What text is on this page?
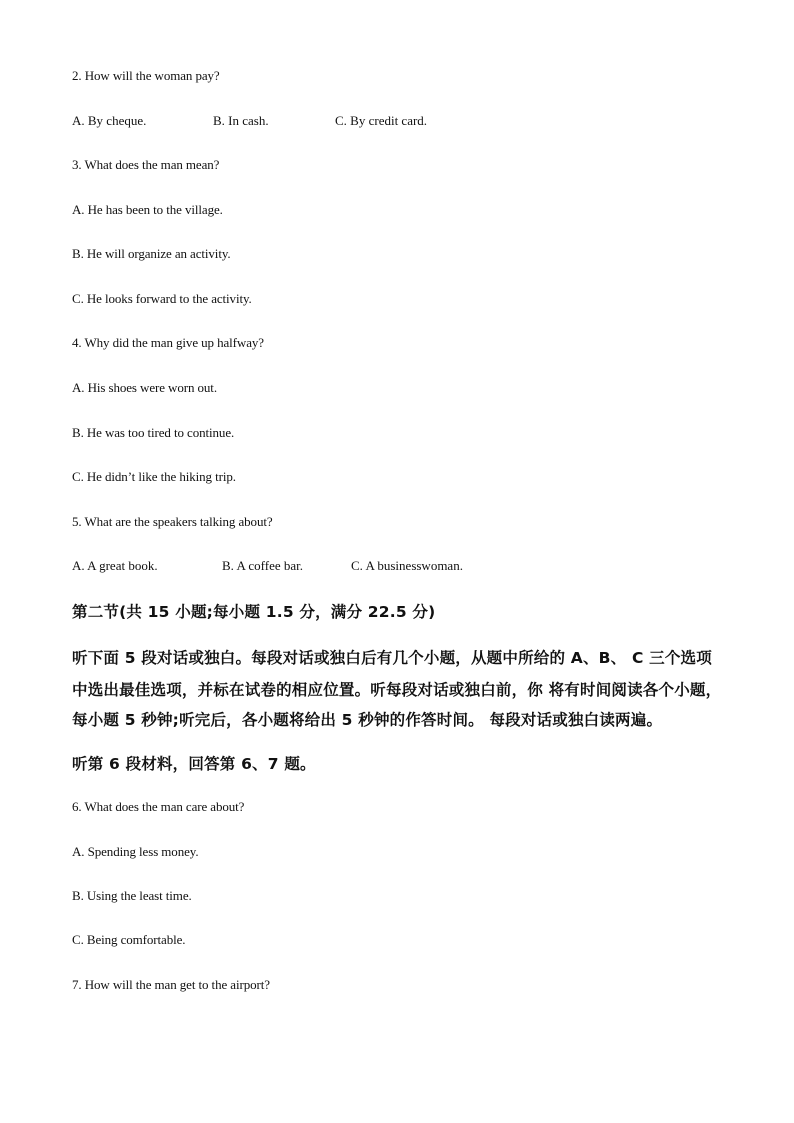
2. How will the woman pay?
A. By cheque.	B. In cash.	C. By credit card.
3. What does the man mean?
A. He has been to the village.
B. He will organize an activity.
C. He looks forward to the activity.
4. Why did the man give up halfway?
A. His shoes were worn out.
B. He was too tired to continue.
C. He didn’t like the hiking trip.
5. What are the speakers talking about?
A. A great book.	B. A coffee bar.	C. A businesswoman.
第二节(共 15 小题;每小题 1.5 分，满分 22.5 分)
听下面 5 段对话或独白。每段对话或独白后有几个小题，从题中所给的 A、B、 C 三个选项
中选出最佳选项，并标在试卷的相应位置。听每段对话或独白前，你 将有时间阅读各个小题，
每小题 5 秒钟;听完后，各小题将给出 5 秒钟的作答时间。 每段对话或独白读两遍。
听第 6 段材料，回答第 6、7 题。
6. What does the man care about?
A. Spending less money.
B. Using the least time.
C. Being comfortable.
7. How will the man get to the airport?
